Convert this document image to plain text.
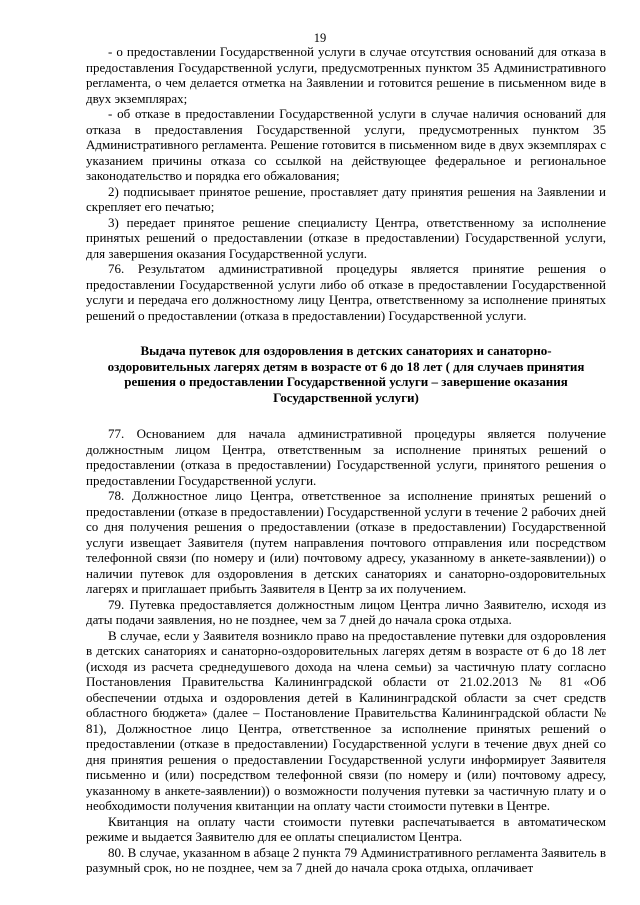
19

- о предоставлении Государственной услуги в случае отсутствия оснований для отказа в предоставления Государственной услуги, предусмотренных пунктом 35 Административного регламента, о чем делается отметка на Заявлении и готовится решение в письменном виде в двух экземплярах;

- об отказе в предоставлении Государственной услуги в случае наличия оснований для отказа в предоставления Государственной услуги, предусмотренных пунктом 35 Административного регламента. Решение готовится в письменном виде в двух экземплярах с указанием причины отказа со ссылкой на действующее федеральное и региональное законодательство и порядка его обжалования;

2) подписывает принятое решение, проставляет дату принятия решения на Заявлении и скрепляет его печатью;

3) передает принятое решение специалисту Центра, ответственному за исполнение принятых решений о предоставлении (отказе в предоставлении) Государственной услуги, для завершения оказания Государственной услуги.

76. Результатом административной процедуры является принятие решения о предоставлении Государственной услуги либо об отказе в предоставлении Государственной услуги и передача его должностному лицу Центра, ответственному за исполнение принятых решений о предоставлении (отказа в предоставлении) Государственной услуги.

Выдача путевок для оздоровления в детских санаториях и санаторно-оздоровительных лагерях детям в возрасте от 6 до 18 лет ( для случаев принятия решения о предоставлении Государственной услуги – завершение оказания Государственной услуги)

77. Основанием для начала административной процедуры является получение должностным лицом Центра, ответственным за исполнение принятых решений о предоставлении (отказа в предоставлении) Государственной услуги, принятого решения о предоставлении Государственной услуги.

78. Должностное лицо Центра, ответственное за исполнение принятых решений о предоставлении (отказе в предоставлении) Государственной услуги в течение 2 рабочих дней со дня получения решения о предоставлении (отказе в предоставлении) Государственной услуги извещает Заявителя (путем направления почтового отправления или посредством телефонной связи (по номеру и (или) почтовому адресу, указанному в анкете-заявлении)) о наличии путевок для оздоровления в детских санаториях и санаторно-оздоровительных лагерях и приглашает прибыть Заявителя в Центр за их получением.

79. Путевка предоставляется должностным лицом Центра лично Заявителю, исходя из даты подачи заявления, но не позднее, чем за 7 дней до начала срока отдыха.

В случае, если у Заявителя возникло право на предоставление путевки для оздоровления в детских санаториях и санаторно-оздоровительных лагерях детям в возрасте от 6 до 18 лет (исходя из расчета среднедушевого дохода на члена семьи) за частичную плату согласно Постановления Правительства Калининградской области от 21.02.2013 № 81 «Об обеспечении отдыха и оздоровления детей в Калининградской области за счет средств областного бюджета» (далее – Постановление Правительства Калининградской области № 81), Должностное лицо Центра, ответственное за исполнение принятых решений о предоставлении (отказе в предоставлении) Государственной услуги в течение двух дней со дня принятия решения о предоставлении Государственной услуги информирует Заявителя письменно и (или) посредством телефонной связи (по номеру и (или) почтовому адресу, указанному в анкете-заявлении)) о возможности получения путевки за частичную плату и о необходимости получения квитанции на оплату части стоимости путевки в Центре.

Квитанция на оплату части стоимости путевки распечатывается в автоматическом режиме и выдается Заявителю для ее оплаты специалистом Центра.

80. В случае, указанном в абзаце 2 пункта 79 Административного регламента Заявитель в разумный срок, но не позднее, чем за 7 дней до начала срока отдыха, оплачивает
